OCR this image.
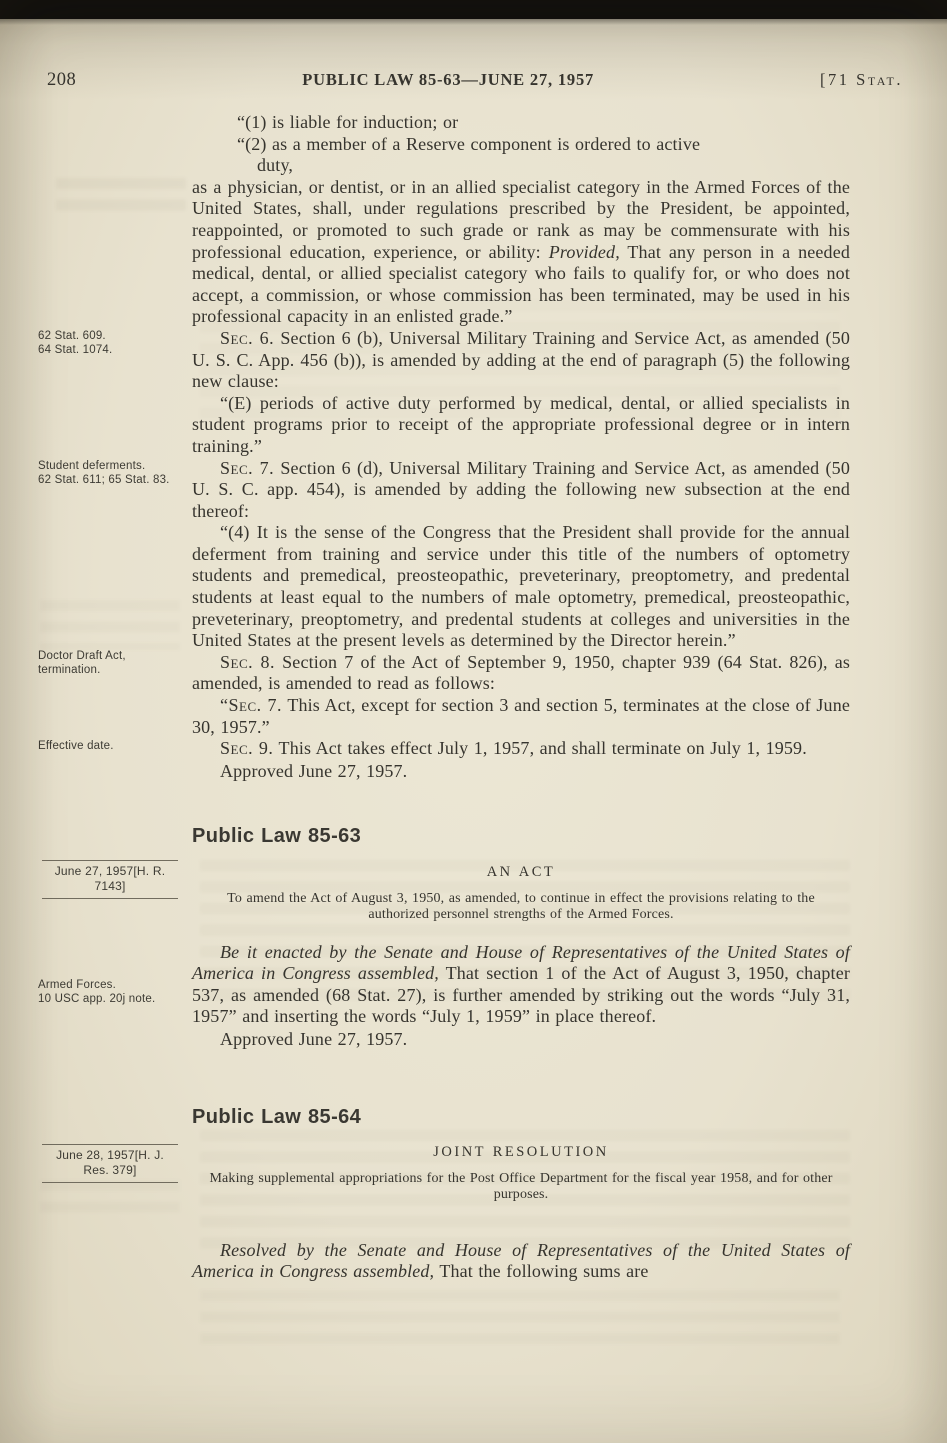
208	PUBLIC LAW 85-63—JUNE 27, 1957	[71 Stat.

“(1) is liable for induction; or

“(2) as a member of a Reserve component is ordered to active

duty,

as a physician, or dentist, or in an allied specialist category in the Armed Forces of the United States, shall, under regulations prescribed by the President, be appointed, reappointed, or promoted to such grade or rank as may be commensurate with his professional education, experience, or ability: Provided, That any person in a needed medical, dental, or allied specialist category who fails to qualify for, or who does not accept, a commission, or whose commission has been terminated, may be used in his professional capacity in an enlisted grade.”

62 Stat. 609.
64 Stat. 1074.

Sec. 6. Section 6 (b), Universal Military Training and Service Act, as amended (50 U. S. C. App. 456 (b)), is amended by adding at the end of paragraph (5) the following new clause:

“(E) periods of active duty performed by medical, dental, or allied specialists in student programs prior to receipt of the appropriate professional degree or in intern training.”

Student deferments.
62 Stat. 611; 65 Stat. 83.

Sec. 7. Section 6 (d), Universal Military Training and Service Act, as amended (50 U. S. C. app. 454), is amended by adding the following new subsection at the end thereof:

“(4) It is the sense of the Congress that the President shall provide for the annual deferment from training and service under this title of the numbers of optometry students and premedical, preosteopathic, preveterinary, preoptometry, and predental students at least equal to the numbers of male optometry, premedical, preosteopathic, preveterinary, preoptometry, and predental students at colleges and universities in the United States at the present levels as determined by the Director herein.”

Doctor Draft Act, termination.	Sec. 8. Section 7 of the Act of September 9, 1950, chapter 939 (64 Stat. 826), as amended, is amended to read as follows:

“Sec. 7. This Act, except for section 3 and section 5, terminates at the close of June 30, 1957.”

Effective date.	Sec. 9. This Act takes effect July 1, 1957, and shall terminate on July 1, 1959.

Approved June 27, 1957.

Public Law 85-63

June 27, 1957[H. R. 7143]

AN ACT

To amend the Act of August 3, 1950, as amended, to continue in effect the provisions relating to the authorized personnel strengths of the Armed Forces.

Armed Forces.
10 USC app. 20j note.

Be it enacted by the Senate and House of Representatives of the United States of America in Congress assembled, That section 1 of the Act of August 3, 1950, chapter 537, as amended (68 Stat. 27), is further amended by striking out the words “July 31, 1957” and inserting the words “July 1, 1959” in place thereof.

Approved June 27, 1957.

Public Law 85-64

June 28, 1957[H. J. Res. 379]

JOINT RESOLUTION

Making supplemental appropriations for the Post Office Department for the fiscal year 1958, and for other purposes.

Resolved by the Senate and House of Representatives of the United States of America in Congress assembled, That the following sums are
